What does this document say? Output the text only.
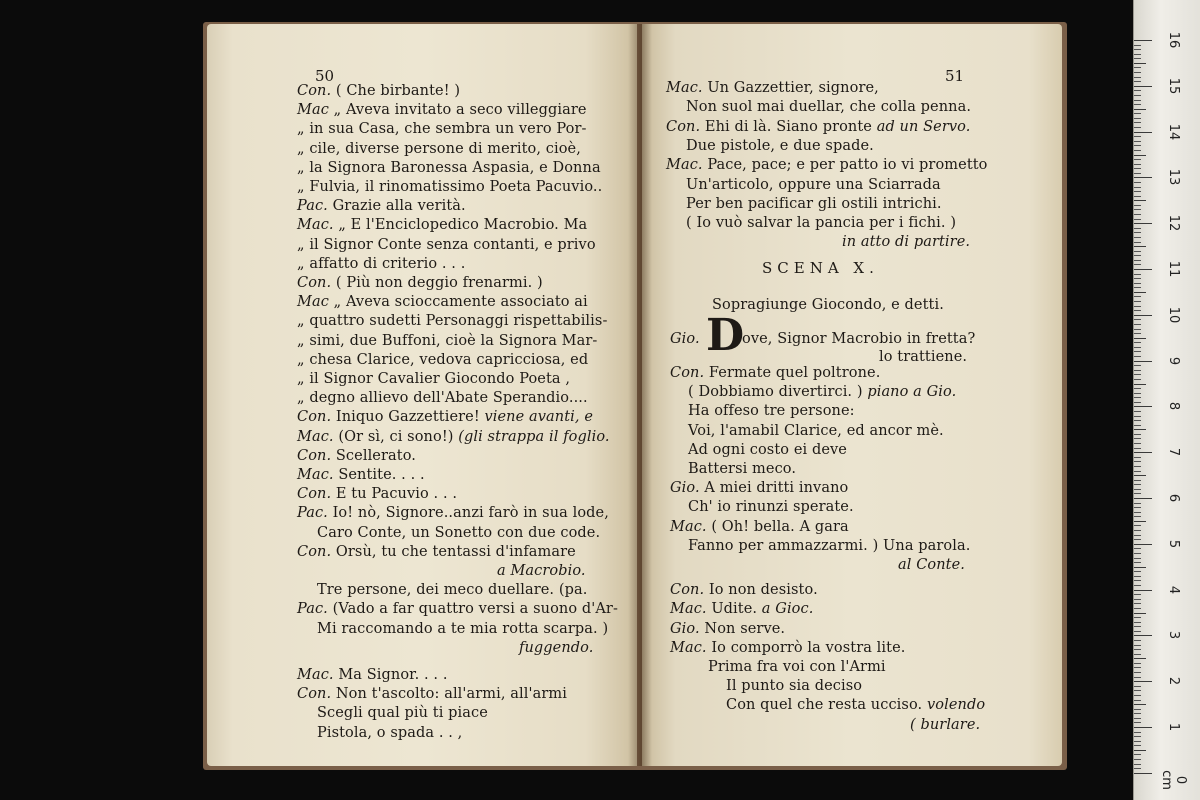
16
15
14
13
12
11
10
9
8
7
6
5
4
3
2
1
0 cm
50
Con. ( Che birbante! )
Mac „ Aveva invitato a seco villeggiare
„ in sua Casa, che sembra un vero Por-
„ cile, diverse persone di merito, cioè,
„ la Signora Baronessa Aspasia, e Donna
„ Fulvia, il rinomatissimo Poeta Pacuvio..
Pac. Grazie alla verità.
Mac. „ E l'Enciclopedico Macrobio. Ma
„ il Signor Conte senza contanti, e privo
„ affatto di criterio . . .
Con. ( Più non deggio frenarmi. )
Mac „ Aveva scioccamente associato ai
„ quattro sudetti Personaggi rispettabilis-
„ simi, due Buffoni, cioè la Signora Mar-
„ chesa Clarice, vedova capricciosa, ed
„ il Signor Cavalier Giocondo Poeta ,
„ degno allievo dell'Abate Sperandio....
Con. Iniquo Gazzettiere! viene avanti, e
Mac. (Or sì, ci sono!) (gli strappa il foglio.
Con. Scellerato.
Mac. Sentite. . . .
Con. E tu Pacuvio . . .
Pac. Io! nò, Signore..anzi farò in sua lode,
Caro Conte, un Sonetto con due code.
Con. Orsù, tu che tentassi d'infamare
a Macrobio.
Tre persone, dei meco duellare. (pa.
Pac. (Vado a far quattro versi a suono d'Ar-
Mi raccomando a te mia rotta scarpa. )
fuggendo.
Mac. Ma Signor. . . .
Con. Non t'ascolto: all'armi, all'armi
Scegli qual più ti piace
Pistola, o spada . . ,
51
Mac. Un Gazzettier, signore,
Non suol mai duellar, che colla penna.
Con. Ehi di là. Siano pronte ad un Servo.
Due pistole, e due spade.
Mac. Pace, pace; e per patto io vi prometto
Un'articolo, oppure una Sciarrada
Per ben pacificar gli ostili intrichi.
( Io vuò salvar la pancia per i fichi. )
in atto di partire.
SCENA X.
Sopragiunge Giocondo, e detti.
Gio. D
ove, Signor Macrobio in fretta?
lo trattiene.
Con. Fermate quel poltrone.
( Dobbiamo divertirci. ) piano a Gio.
Ha offeso tre persone:
Voi, l'amabil Clarice, ed ancor mè.
Ad ogni costo ei deve
Battersi meco.
Gio. A miei dritti invano
Ch' io rinunzi sperate.
Mac. ( Oh! bella. A gara
Fanno per ammazzarmi. ) Una parola.
al Conte.
Con. Io non desisto.
Mac. Udite. a Gioc.
Gio. Non serve.
Mac. Io comporrò la vostra lite.
Prima fra voi con l'Armi
Il punto sia deciso
Con quel che resta ucciso. volendo
( burlare.
